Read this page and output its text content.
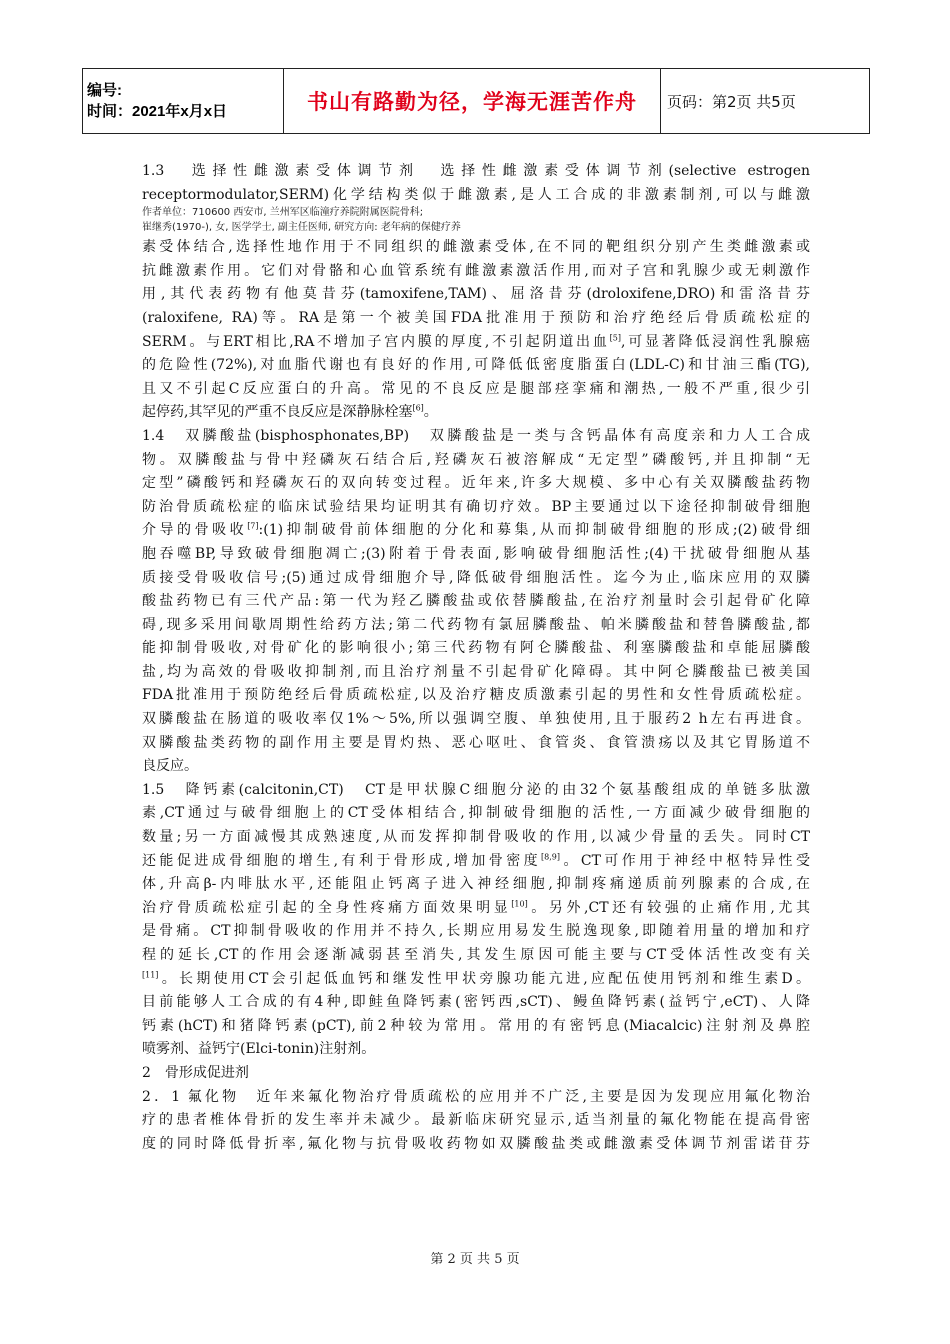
编号:
时间：2021年x月x日	书山有路勤为径，学海无涯苦作舟	页码：第2页 共5页
1.3　选择性雌激素受体调节剂　选择性雌激素受体调节剂(selective estrogen
receptormodulator,SERM)化学结构类似于雌激素,是人工合成的非激素制剂,可以与雌激
作者单位：710600 西安市, 兰州军区临潼疗养院附属医院骨科;
崔继秀(1970-), 女, 医学学士, 副主任医师, 研究方向: 老年病的保健疗养
素受体结合,选择性地作用于不同组织的雌激素受体,在不同的靶组织分别产生类雌激素或
抗雌激素作用。它们对骨骼和心血管系统有雌激素激活作用,而对子宫和乳腺少或无刺激作
用,其代表药物有他莫昔芬(tamoxifene,TAM)、屈洛昔芬(droloxifene,DRO)和雷洛昔芬
(raloxifene, RA)等。RA是第一个被美国FDA批准用于预防和治疗绝经后骨质疏松症的
SERM。与ERT相比,RA不增加子宫内膜的厚度,不引起阴道出血[5],可显著降低浸润性乳腺癌
的危险性(72%),对血脂代谢也有良好的作用,可降低低密度脂蛋白(LDL-C)和甘油三酯(TG),
且又不引起C反应蛋白的升高。常见的不良反应是腿部痉挛痛和潮热,一般不严重,很少引
起停药,其罕见的严重不良反应是深静脉栓塞[6]。
1.4　双膦酸盐(bisphosphonates,BP)　双膦酸盐是一类与含钙晶体有高度亲和力人工合成
物。双膦酸盐与骨中羟磷灰石结合后,羟磷灰石被溶解成“无定型”磷酸钙,并且抑制“无
定型”磷酸钙和羟磷灰石的双向转变过程。近年来,许多大规模、多中心有关双膦酸盐药物
防治骨质疏松症的临床试验结果均证明其有确切疗效。BP主要通过以下途径抑制破骨细胞
介导的骨吸收[7]:(1)抑制破骨前体细胞的分化和募集,从而抑制破骨细胞的形成;(2)破骨细
胞吞噬BP,导致破骨细胞凋亡;(3)附着于骨表面,影响破骨细胞活性;(4)干扰破骨细胞从基
质接受骨吸收信号;(5)通过成骨细胞介导,降低破骨细胞活性。迄今为止,临床应用的双膦
酸盐药物已有三代产品:第一代为羟乙膦酸盐或依替膦酸盐,在治疗剂量时会引起骨矿化障
碍,现多采用间歇周期性给药方法;第二代药物有氯屈膦酸盐、帕米膦酸盐和替鲁膦酸盐,都
能抑制骨吸收,对骨矿化的影响很小;第三代药物有阿仑膦酸盐、利塞膦酸盐和卓能屈膦酸
盐,均为高效的骨吸收抑制剂,而且治疗剂量不引起骨矿化障碍。其中阿仑膦酸盐已被美国
FDA批准用于预防绝经后骨质疏松症,以及治疗糖皮质激素引起的男性和女性骨质疏松症。
双膦酸盐在肠道的吸收率仅1%～5%,所以强调空腹、单独使用,且于服药2 h左右再进食。
双膦酸盐类药物的副作用主要是胃灼热、恶心呕吐、食管炎、食管溃疡以及其它胃肠道不
良反应。
1.5　降钙素(calcitonin,CT)　CT是甲状腺C细胞分泌的由32个氨基酸组成的单链多肽激
素,CT通过与破骨细胞上的CT受体相结合,抑制破骨细胞的活性,一方面减少破骨细胞的
数量;另一方面减慢其成熟速度,从而发挥抑制骨吸收的作用,以减少骨量的丢失。同时CT
还能促进成骨细胞的增生,有利于骨形成,增加骨密度[8,9]。CT可作用于神经中枢特异性受
体,升高β-内啡肽水平,还能阻止钙离子进入神经细胞,抑制疼痛递质前列腺素的合成,在
治疗骨质疏松症引起的全身性疼痛方面效果明显[10]。另外,CT还有较强的止痛作用,尤其
是骨痛。CT抑制骨吸收的作用并不持久,长期应用易发生脱逸现象,即随着用量的增加和疗
程的延长,CT的作用会逐渐减弱甚至消失,其发生原因可能主要与CT受体活性改变有关
[11]。长期使用CT会引起低血钙和继发性甲状旁腺功能亢进,应配伍使用钙剂和维生素D。
目前能够人工合成的有4种,即鲑鱼降钙素(密钙西,sCT)、鳗鱼降钙素(益钙宁,eCT)、人降
钙素(hCT)和猪降钙素(pCT),前2种较为常用。常用的有密钙息(Miacalcic)注射剂及鼻腔
喷雾剂、益钙宁(Elci-tonin)注射剂。
2　骨形成促进剂
2．1 氟化物　近年来氟化物治疗骨质疏松的应用并不广泛,主要是因为发现应用氟化物治
疗的患者椎体骨折的发生率并未减少。最新临床研究显示,适当剂量的氟化物能在提高骨密
度的同时降低骨折率,氟化物与抗骨吸收药物如双膦酸盐类或雌激素受体调节剂雷诺苷芬
第 2 页 共 5 页
